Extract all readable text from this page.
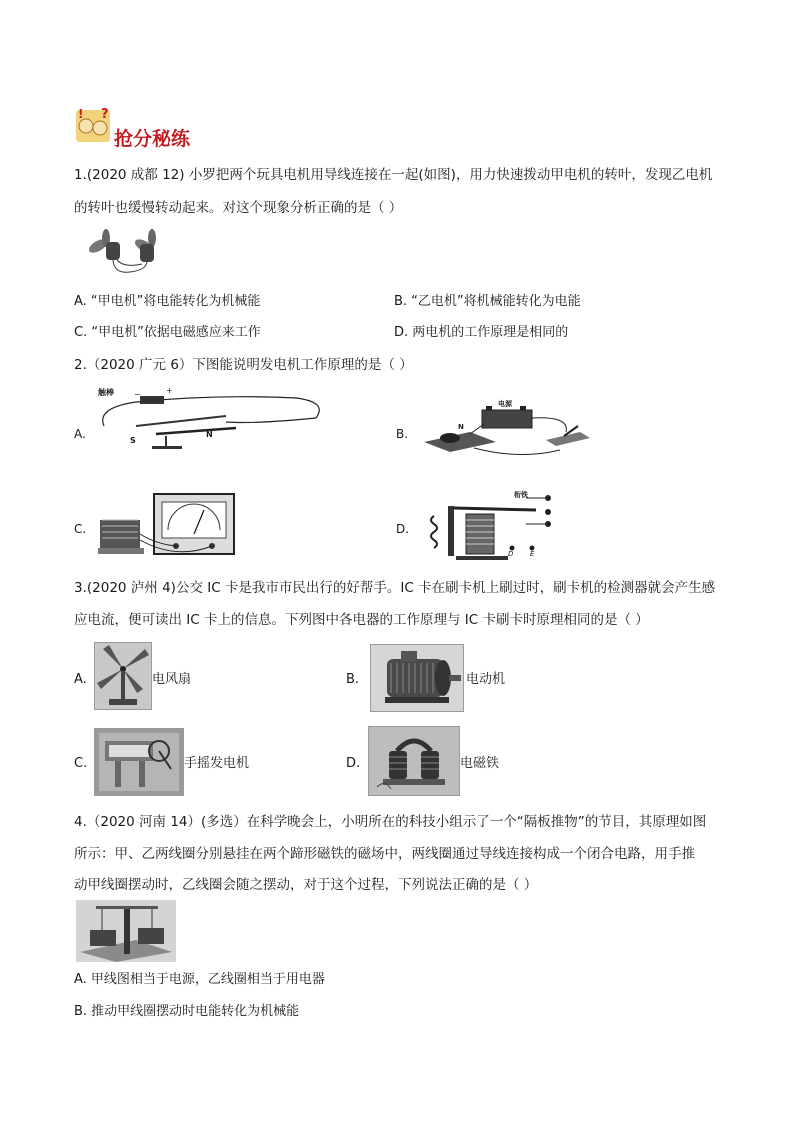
! ?
抢分秘练
1.(2020 成都 12) 小罗把两个玩具电机用导线连接在一起(如图)，用力快速拨动甲电机的转叶，发现乙电机
的转叶也缓慢转动起来。对这个现象分析正确的是（ ）
A. “甲电机”将电能转化为机械能	B. “乙电机”将机械能转化为电能
C. “甲电机”依据电磁感应来工作	D. 两电机的工作原理是相同的
2.（2020 广元 6）下图能说明发电机工作原理的是（ ）
A.
触棒	−	+
S
N	B.
电源
N
C.	D.
衔铁
D E
3.(2020 泸州 4)公交 IC 卡是我市市民出行的好帮手。IC 卡在刷卡机上刷过时，刷卡机的检测器就会产生感
应电流，便可读出 IC 卡上的信息。下列图中各电器的工作原理与 IC 卡刷卡时原理相同的是（ ）
A.	电风扇	B.	电动机
C.	手摇发电机	D.	电磁铁
4.（2020 河南 14）(多选）在科学晚会上，小明所在的科技小组示了一个“隔板推物”的节目，其原理如图
所示：甲、乙两线圈分别悬挂在两个蹄形磁铁的磁场中，两线圈通过导线连接构成一个闭合电路，用手推
动甲线圈摆动时，乙线圈会随之摆动，对于这个过程，下列说法正确的是（ ）
A. 甲线图相当于电源，乙线圈相当于用电器
B. 推动甲线圈摆动时电能转化为机械能
